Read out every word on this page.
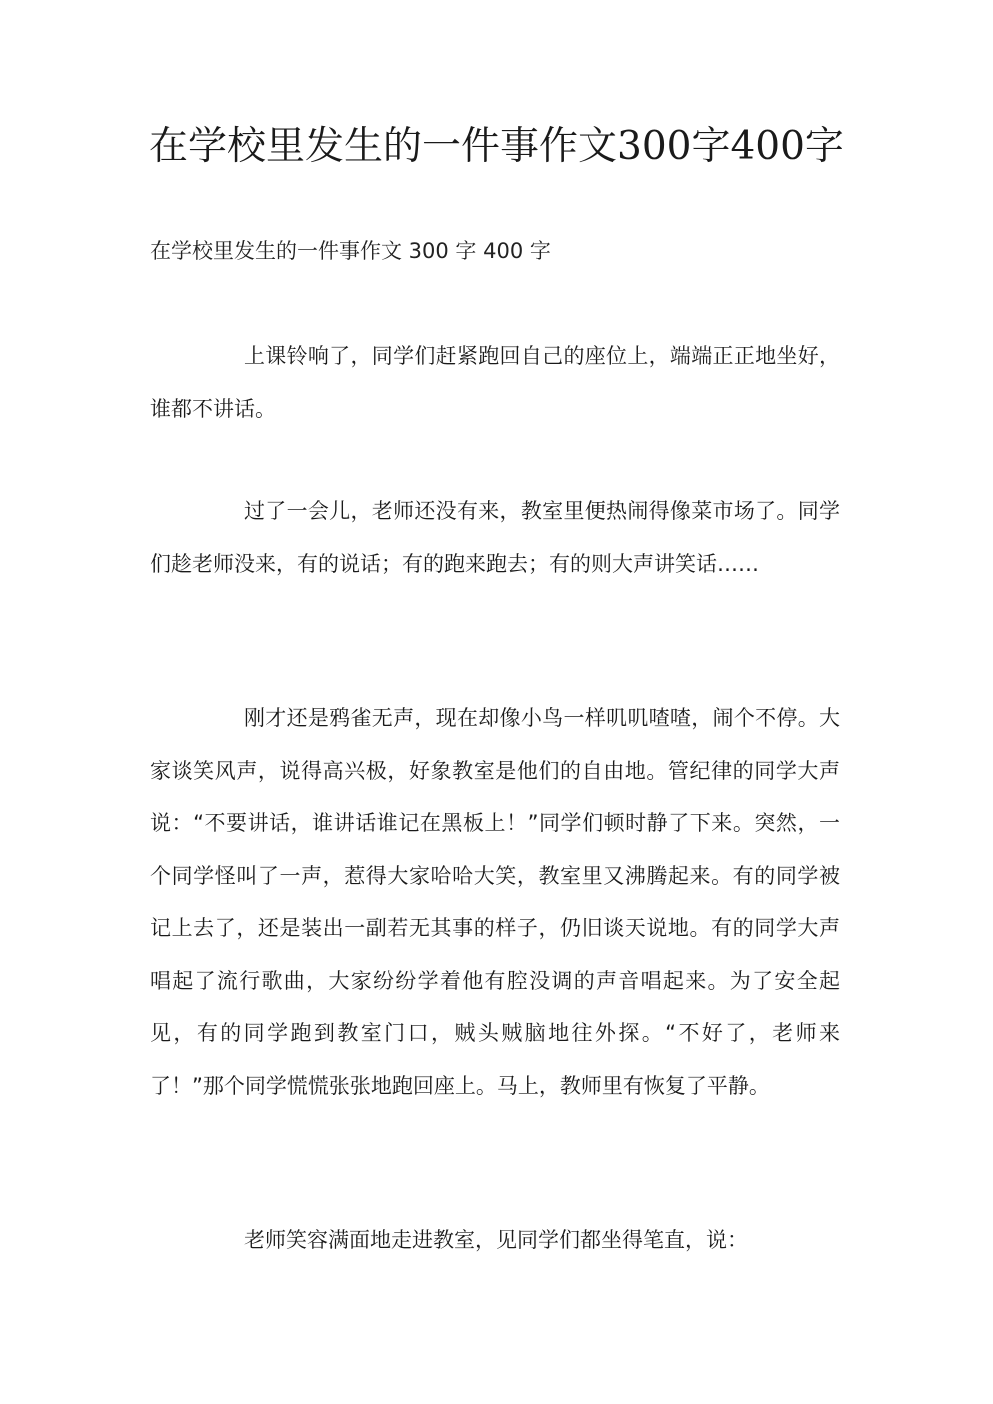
在学校里发生的一件事作文300字400字

在学校里发生的一件事作文 300 字 400 字

上课铃响了，同学们赶紧跑回自己的座位上，端端正正地坐好，谁都不讲话。

过了一会儿，老师还没有来，教室里便热闹得像菜市场了。同学们趁老师没来，有的说话；有的跑来跑去；有的则大声讲笑话……

刚才还是鸦雀无声，现在却像小鸟一样叽叽喳喳，闹个不停。大家谈笑风声，说得高兴极，好象教室是他们的自由地。管纪律的同学大声说：“不要讲话，谁讲话谁记在黑板上！”同学们顿时静了下来。突然，一个同学怪叫了一声，惹得大家哈哈大笑，教室里又沸腾起来。有的同学被记上去了，还是装出一副若无其事的样子，仍旧谈天说地。有的同学大声唱起了流行歌曲，大家纷纷学着他有腔没调的声音唱起来。为了安全起见，有的同学跑到教室门口，贼头贼脑地往外探。“不好了，老师来了！”那个同学慌慌张张地跑回座上。马上，教师里有恢复了平静。

老师笑容满面地走进教室，见同学们都坐得笔直，说：
